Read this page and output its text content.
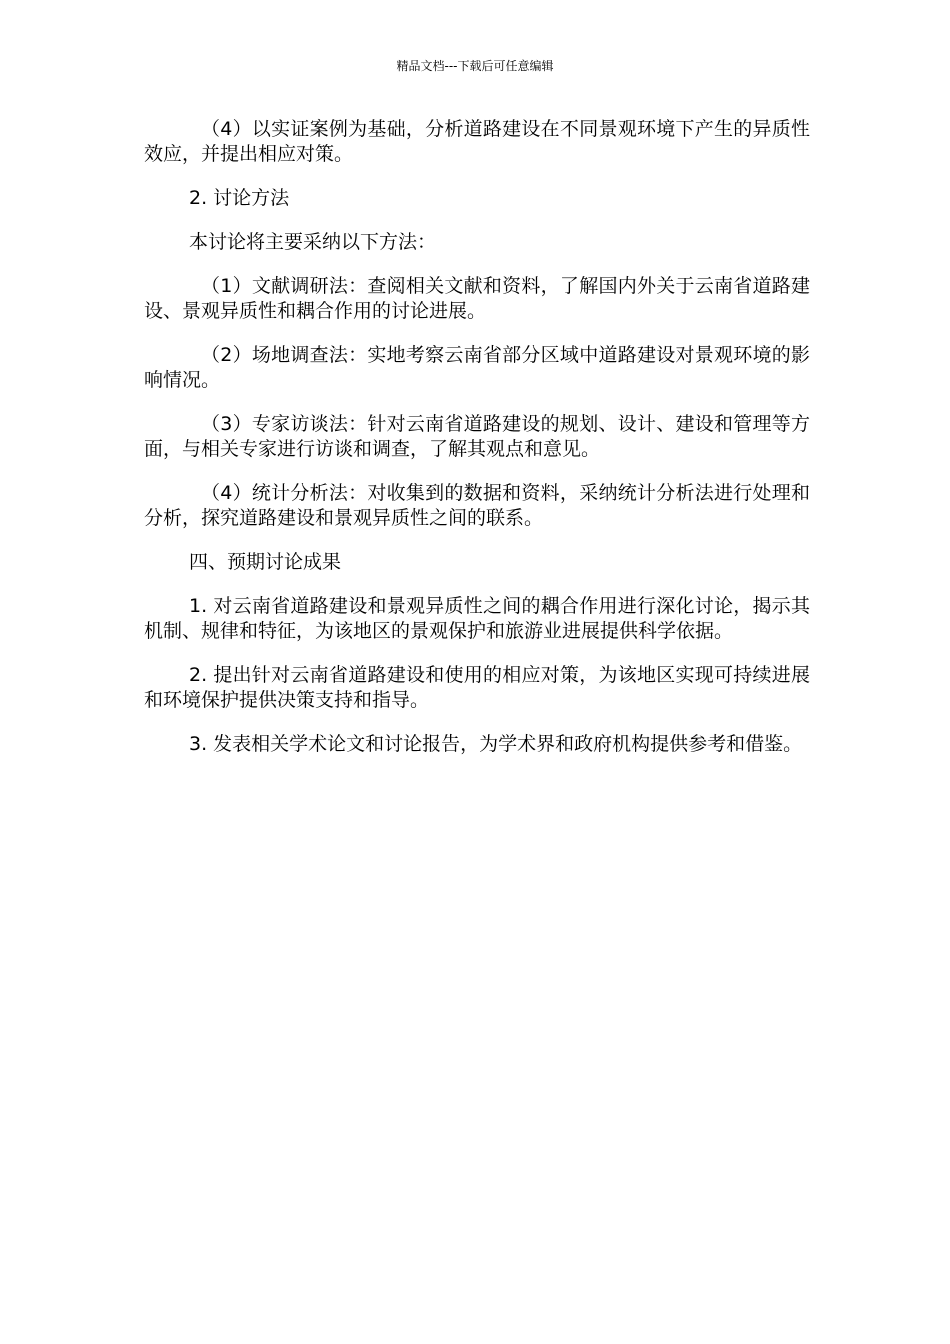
精品文档---下载后可任意编辑

（4）以实证案例为基础，分析道路建设在不同景观环境下产生的异质性效应，并提出相应对策。

2. 讨论方法

本讨论将主要采纳以下方法：

（1）文献调研法：查阅相关文献和资料，了解国内外关于云南省道路建设、景观异质性和耦合作用的讨论进展。

（2）场地调查法：实地考察云南省部分区域中道路建设对景观环境的影响情况。

（3）专家访谈法：针对云南省道路建设的规划、设计、建设和管理等方面，与相关专家进行访谈和调查，了解其观点和意见。

（4）统计分析法：对收集到的数据和资料，采纳统计分析法进行处理和分析，探究道路建设和景观异质性之间的联系。

四、预期讨论成果

1. 对云南省道路建设和景观异质性之间的耦合作用进行深化讨论，揭示其机制、规律和特征，为该地区的景观保护和旅游业进展提供科学依据。

2. 提出针对云南省道路建设和使用的相应对策，为该地区实现可持续进展和环境保护提供决策支持和指导。

3. 发表相关学术论文和讨论报告，为学术界和政府机构提供参考和借鉴。
